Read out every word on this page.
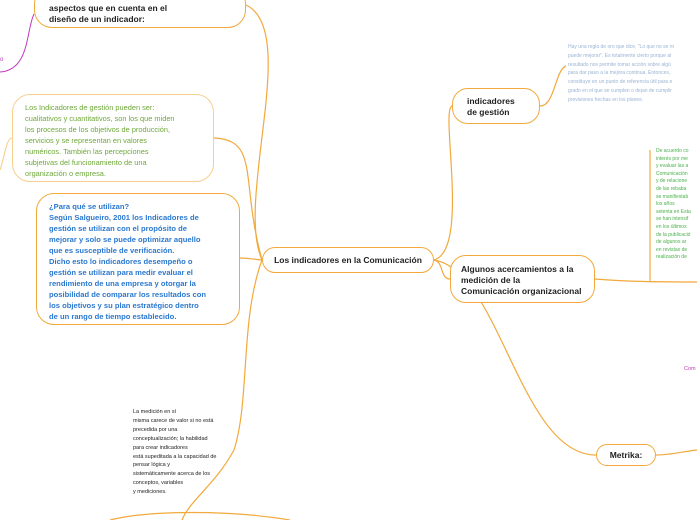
Los indicadores en la Comunicación
indicadores
de gestión
Algunos acercamientos a la
medición de la
Comunicación organizacional
Metrika:
aspectos que en cuenta en el
diseño de un indicador:
Los Indicadores de gestión pueden ser:
cualitativos y cuantitativos, son los que miden
los procesos de los objetivos de producción,
servicios y se representan en valores
numéricos. También las percepciones
subjetivas del funcionamiento de una
organización o empresa.
¿Para qué se utilizan?
Según Salgueiro, 2001 los Indicadores de
gestión se utilizan con el propósito de
mejorar y solo se puede optimizar aquello
que es susceptible de verificación.
Dicho esto lo indicadores desempeño o
gestión se utilizan para medir evaluar el
rendimiento de una empresa y otorgar la
posibilidad de comparar los resultados con
los objetivos y su plan estratégico dentro
de un rango de tiempo establecido.
La medición en sí
misma carece de valor si no está
precedida por una
conceptualización; la habilidad
para crear indicadores
está supeditada a la capacidad de
pensar lógica y
sistemáticamente acerca de los
conceptos, variables
y mediciones.
Hay una regla de oro que dice, "Lo que no se m
puede mejorar". Es totalmente cierto porque al
resultado nos permite tomar acción sobre algú
para dar paso a la mejora continua. Entonces,
constituye en un punto de referencia útil para e
grado en el que se cumplen o dejan de cumplir
previsiones hechas en los planes.
De acuerdo co
interés por me
y evaluar las a
Comunicación
y de relacione
de las rebaba
se manifiestab
los años
setenta en Esta
se han intensif
en los últimos
de la publicació
de algunos ar
en revistas de
realización de
Com
o
